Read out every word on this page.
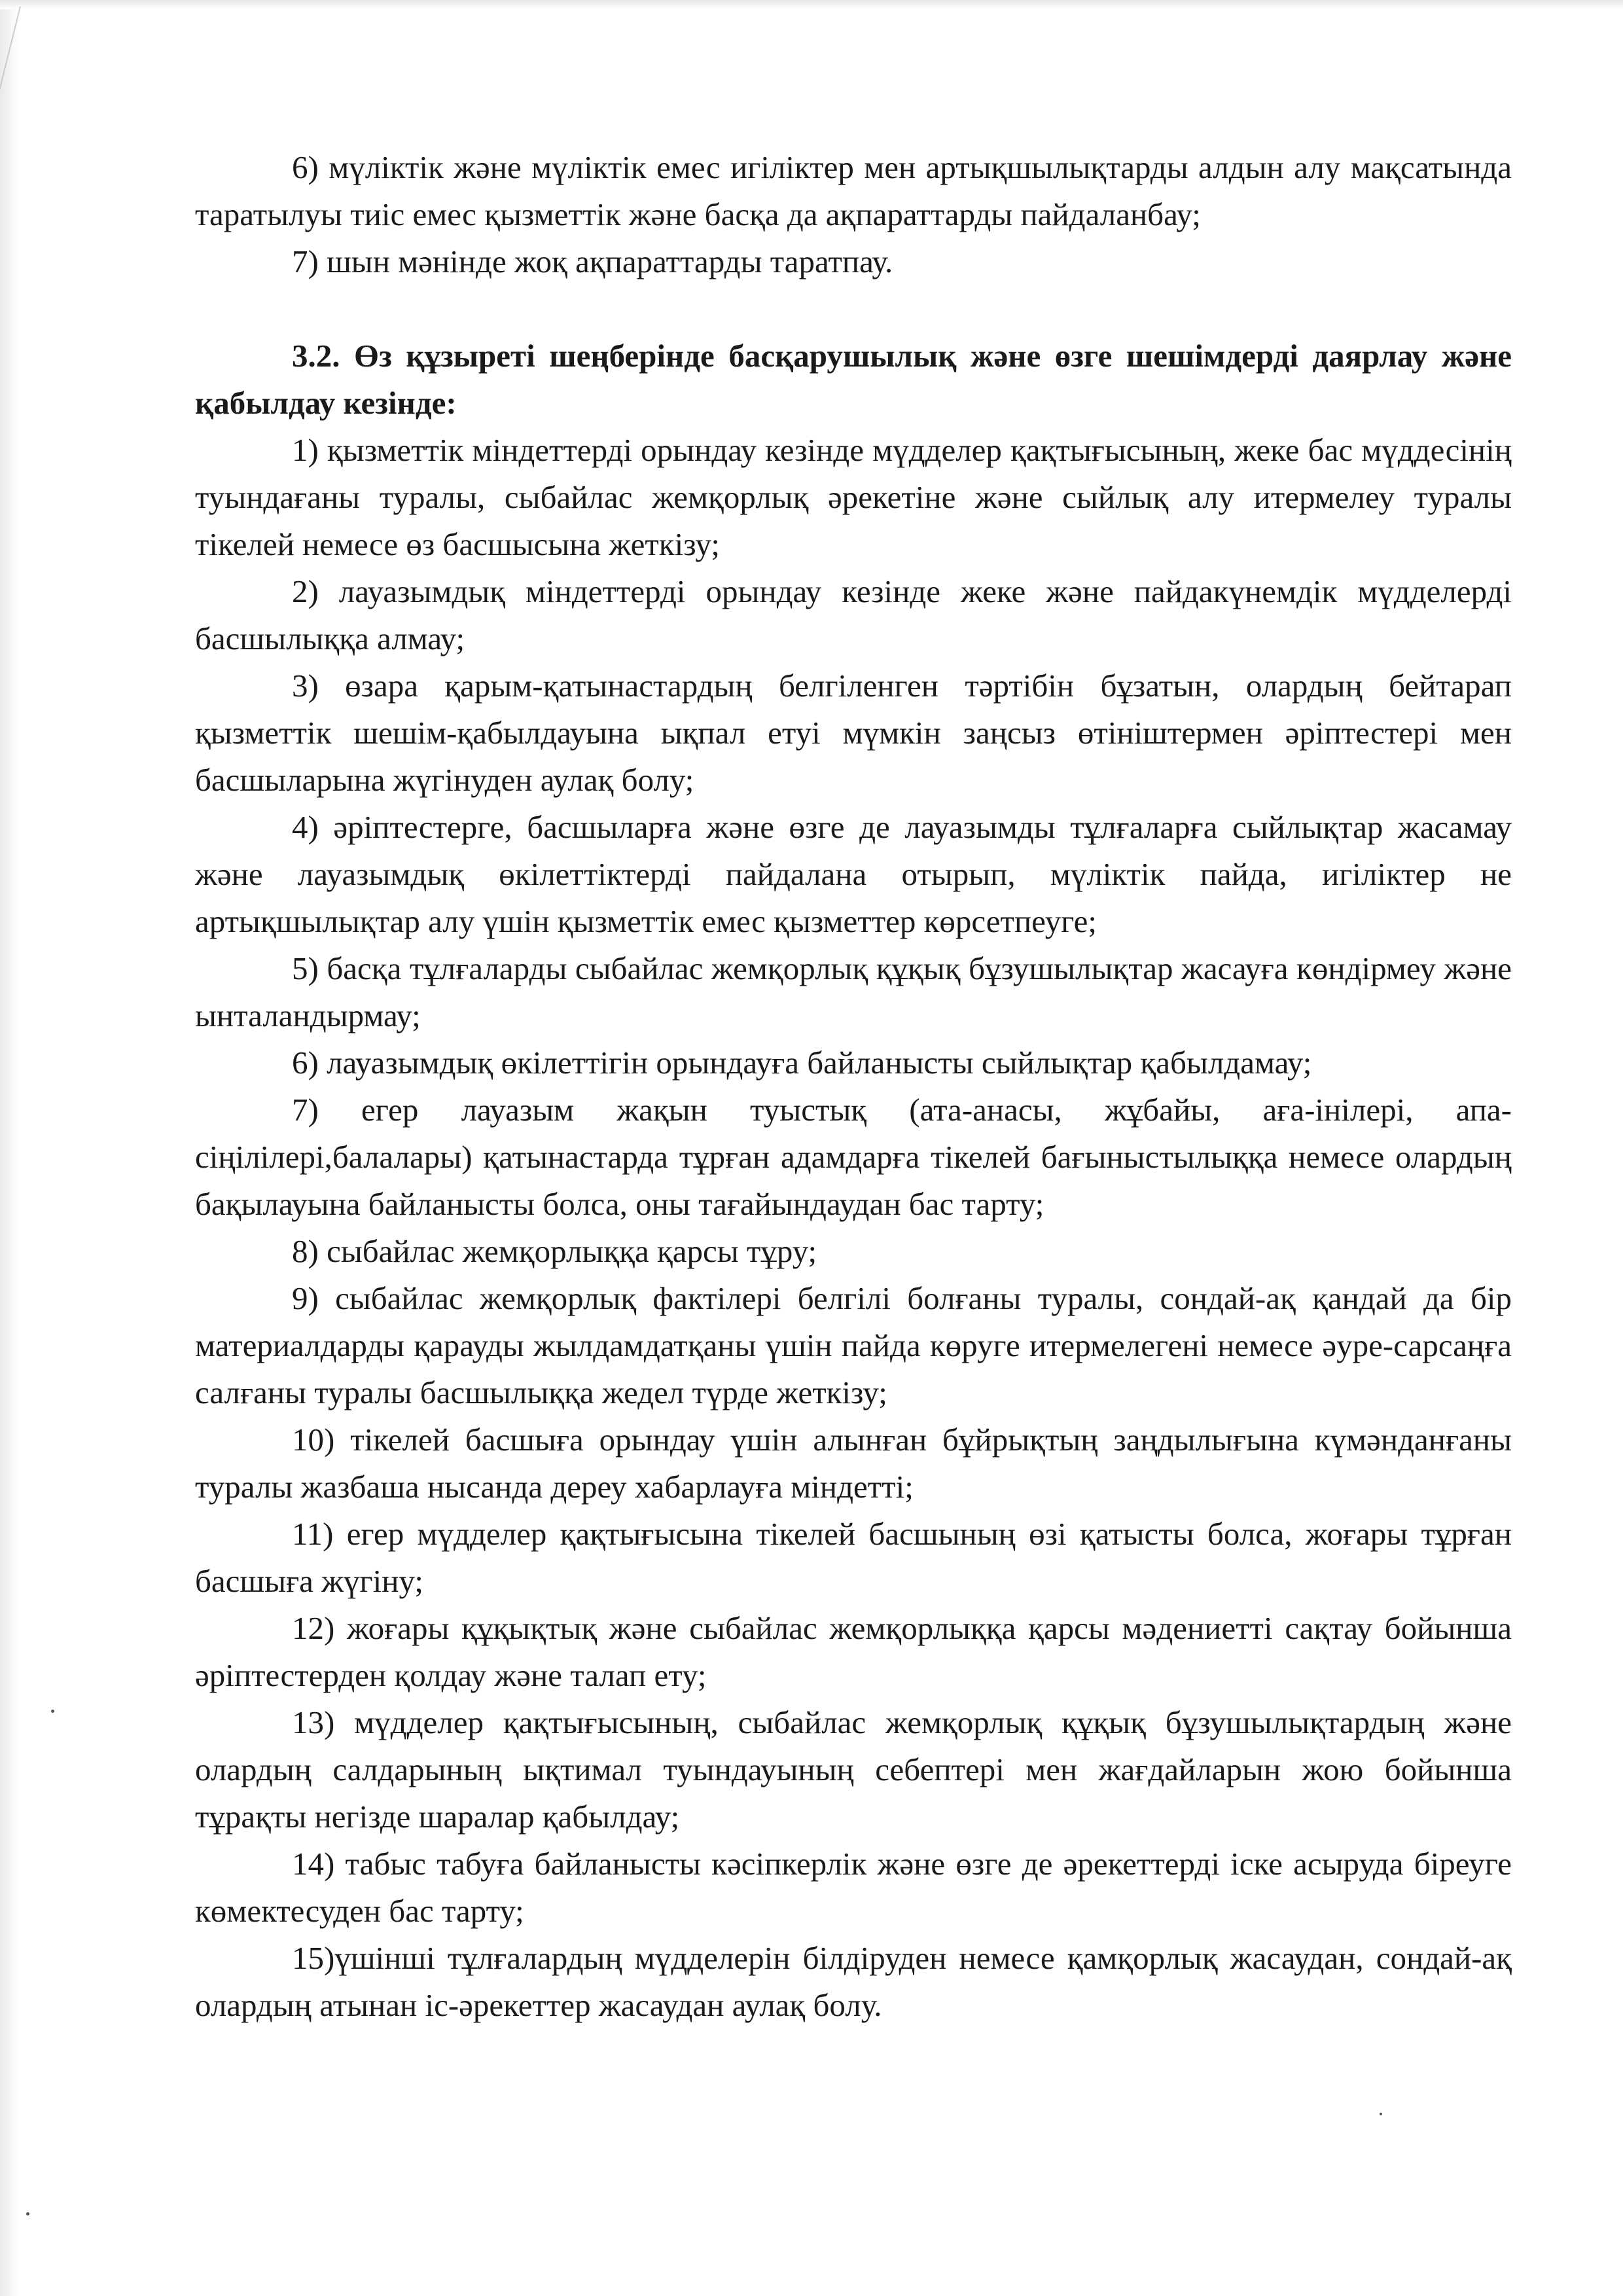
6) мүліктік және мүліктік емес игіліктер мен артықшылықтарды алдын алу мақсатында таратылуы тиіс емес қызметтік және басқа да ақпараттарды пайдаланбау;

7) шын мәнінде жоқ ақпараттарды таратпау.

3.2. Өз құзыреті шеңберінде басқарушылық және өзге шешімдерді даярлау және қабылдау кезінде:

1) қызметтік міндеттерді орындау кезінде мүдделер қақтығысының, жеке бас мүддесінің туындағаны туралы, сыбайлас жемқорлық әрекетіне және сыйлық алу итермелеу туралы тікелей немесе өз басшысына жеткізу;

2) лауазымдық міндеттерді орындау кезінде жеке және пайдакүнемдік мүдделерді басшылыққа алмау;

3) өзара қарым-қатынастардың белгіленген тәртібін бұзатын, олардың бейтарап қызметтік шешім-қабылдауына ықпал етуі мүмкін заңсыз өтініштермен әріптестері мен басшыларына жүгінуден аулақ болу;

4) әріптестерге, басшыларға және өзге де лауазымды тұлғаларға сыйлықтар жасамау және лауазымдық өкілеттіктерді пайдалана отырып, мүліктік пайда, игіліктер не артықшылықтар алу үшін қызметтік емес қызметтер көрсетпеуге;

5) басқа тұлғаларды сыбайлас жемқорлық құқық бұзушылықтар жасауға көндірмеу және ынталандырмау;

6) лауазымдық өкілеттігін орындауға байланысты сыйлықтар қабылдамау;

7) егер лауазым жақын туыстық (ата-анасы, жұбайы, аға-інілері, апа-сіңілілері,балалары) қатынастарда тұрған адамдарға тікелей бағыныстылыққа немесе олардың бақылауына байланысты болса, оны тағайындаудан бас тарту;

8) сыбайлас жемқорлыққа қарсы тұру;

9) сыбайлас жемқорлық фактілері белгілі болғаны туралы, сондай-ақ қандай да бір материалдарды қарауды жылдамдатқаны үшін пайда көруге итермелегені немесе әуре-сарсаңға салғаны туралы басшылыққа жедел түрде жеткізу;

10) тікелей басшыға орындау үшін алынған бұйрықтың заңдылығына күмәнданғаны туралы жазбаша нысанда дереу хабарлауға міндетті;

11) егер мүдделер қақтығысына тікелей басшының өзі қатысты болса, жоғары тұрған басшыға жүгіну;

12) жоғары құқықтық және сыбайлас жемқорлыққа қарсы мәдениетті сақтау бойынша әріптестерден қолдау және талап ету;

13) мүдделер қақтығысының, сыбайлас жемқорлық құқық бұзушылықтардың және олардың салдарының ықтимал туындауының себептері мен жағдайларын жою бойынша тұрақты негізде шаралар қабылдау;

14) табыс табуға байланысты кәсіпкерлік және өзге де әрекеттерді іске асыруда біреуге көмектесуден бас тарту;

15)үшінші тұлғалардың мүдделерін білдіруден немесе қамқорлық жасаудан, сондай-ақ олардың атынан іс-әрекеттер жасаудан аулақ болу.
